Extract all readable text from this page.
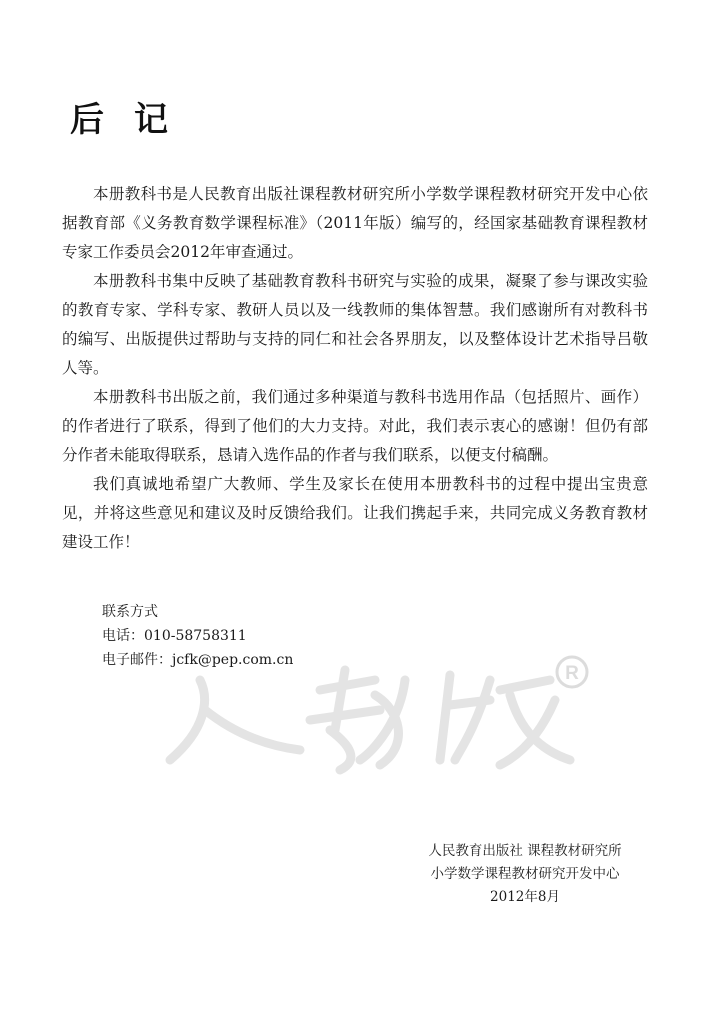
后 记

本册教科书是人民教育出版社课程教材研究所小学数学课程教材研究开发中心依据教育部《义务教育数学课程标准》（2011年版）编写的，经国家基础教育课程教材专家工作委员会2012年审查通过。

本册教科书集中反映了基础教育教科书研究与实验的成果，凝聚了参与课改实验的教育专家、学科专家、教研人员以及一线教师的集体智慧。我们感谢所有对教科书的编写、出版提供过帮助与支持的同仁和社会各界朋友，以及整体设计艺术指导吕敬人等。

本册教科书出版之前，我们通过多种渠道与教科书选用作品（包括照片、画作）的作者进行了联系，得到了他们的大力支持。对此，我们表示衷心的感谢！但仍有部分作者未能取得联系，恳请入选作品的作者与我们联系，以便支付稿酬。

我们真诚地希望广大教师、学生及家长在使用本册教科书的过程中提出宝贵意见，并将这些意见和建议及时反馈给我们。让我们携起手来，共同完成义务教育教材建设工作！

联系方式
电话：010-58758311
电子邮件：jcfk@pep.com.cn
R
人民教育出版社 课程教材研究所
小学数学课程教材研究开发中心
2012年8月
